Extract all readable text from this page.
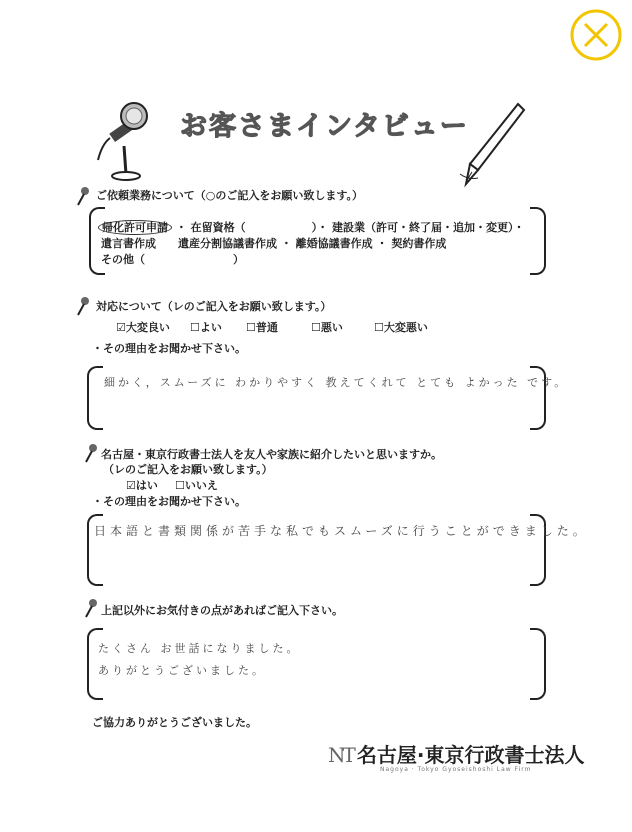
お客さまインタビュー
ご依頼業務について（○のご記入をお願い致します。）
帰化許可申請 ・ 在留資格（　　　　　　）・ 建設業（許可・終了届・追加・変更）・
遺言書作成　　遺産分割協議書作成 ・ 離婚協議書作成 ・ 契約書作成
その他（　　　　　　　　）
対応について（レのご記入をお願い致します。）
☑大変良い ☐よい ☐普通	☐悪い	☐大変悪い
・その理由をお聞かせ下さい。
細かく，スムーズに わかりやすく 教えてくれて とても よかった です。
名古屋・東京行政書士法人を友人や家族に紹介したいと思いますか。
（レのご記入をお願い致します。）
☑はい ☐いいえ
・その理由をお聞かせ下さい。
日本語と書類関係が苦手な私でもスムーズに行うことができました。
上記以外にお気付きの点があればご記入下さい。
たくさん お世話になりました。
ありがとうございました。
ご協力ありがとうございました。
NT 名古屋·東京行政書士法人
Nagoya · Tokyo Gyoseishoshi Law Firm
